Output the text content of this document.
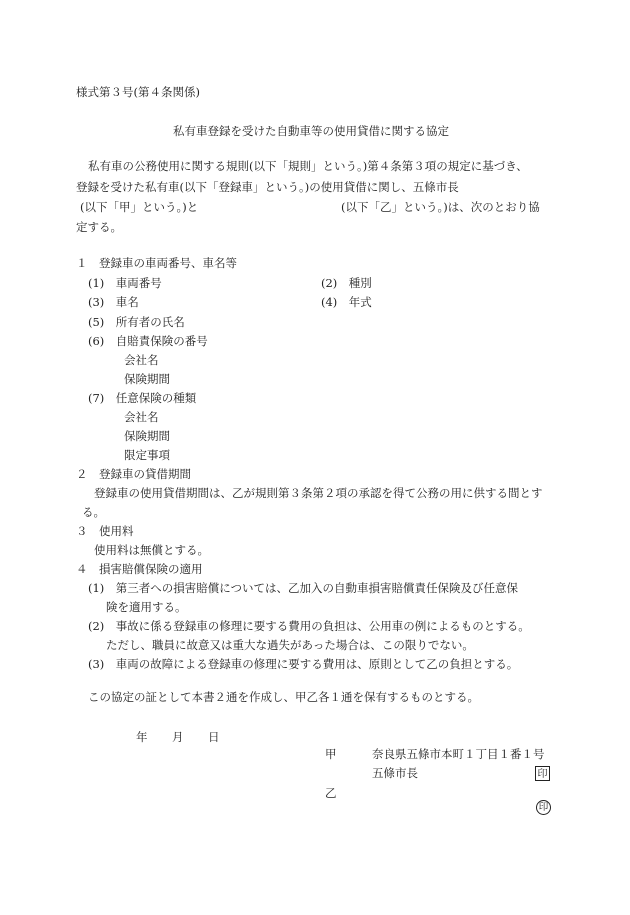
様式第３号(第４条関係)

私有車登録を受けた自動車等の使用貸借に関する協定

私有車の公務使用に関する規則(以下「規則」という。)第４条第３項の規定に基づき、

登録を受けた私有車(以下「登録車」という。)の使用貸借に関し、五條市長

(以下「甲」という。)と	(以下「乙」という。)は、次のとおり協

定する。

１　登録車の車両番号、車名等

(1)　車両番号	(2)　種別

(3)　車名	(4)　年式

(5)　所有者の氏名

(6)　自賠責保険の番号

会社名

保険期間

(7)　任意保険の種類

会社名

保険期間

限定事項

２　登録車の貸借期間

登録車の使用貸借期間は、乙が規則第３条第２項の承認を得て公務の用に供する間とす

る。

３　使用料

使用料は無償とする。

４　損害賠償保険の適用

(1)　第三者への損害賠償については、乙加入の自動車損害賠償責任保険及び任意保

険を適用する。

(2)　事故に係る登録車の修理に要する費用の負担は、公用車の例によるものとする。

ただし、職員に故意又は重大な過失があった場合は、この限りでない。

(3)　車両の故障による登録車の修理に要する費用は、原則として乙の負担とする。

この協定の証として本書２通を作成し、甲乙各１通を保有するものとする。

年 月 日

甲	奈良県五條市本町１丁目１番１号

五條市長	印

乙

印
